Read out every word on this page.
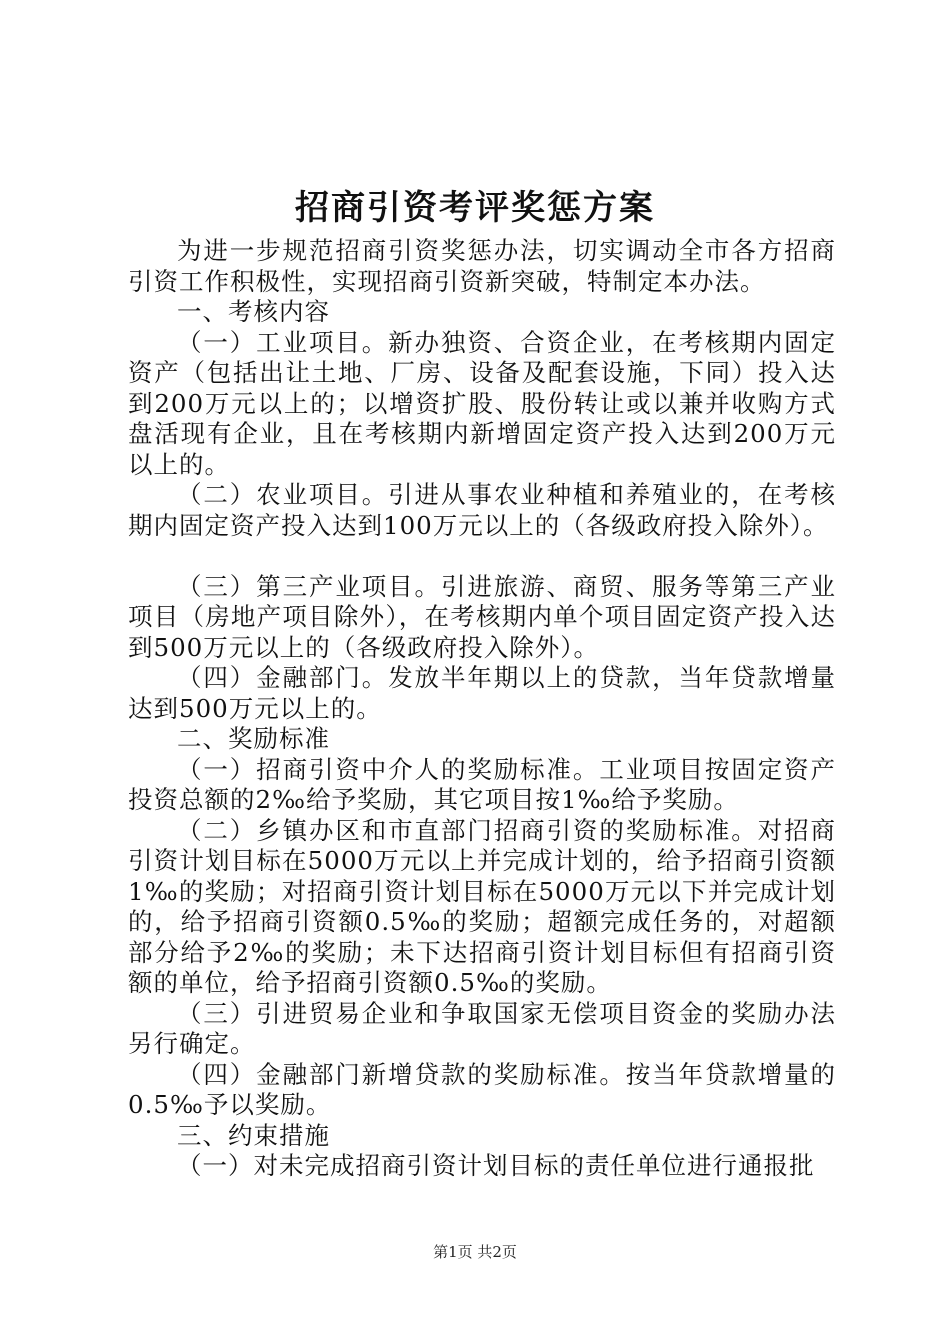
招商引资考评奖惩方案

为进一步规范招商引资奖惩办法，切实调动全市各方招商引资工作积极性，实现招商引资新突破，特制定本办法。

一、考核内容

（一）工业项目。新办独资、合资企业，在考核期内固定资产（包括出让土地、厂房、设备及配套设施，下同）投入达到200万元以上的；以增资扩股、股份转让或以兼并收购方式盘活现有企业，且在考核期内新增固定资产投入达到200万元以上的。

（二）农业项目。引进从事农业种植和养殖业的，在考核期内固定资产投入达到100万元以上的（各级政府投入除外）。

（三）第三产业项目。引进旅游、商贸、服务等第三产业项目（房地产项目除外），在考核期内单个项目固定资产投入达到500万元以上的（各级政府投入除外）。

（四）金融部门。发放半年期以上的贷款，当年贷款增量达到500万元以上的。

二、奖励标准

（一）招商引资中介人的奖励标准。工业项目按固定资产投资总额的2‰给予奖励，其它项目按1‰给予奖励。

（二）乡镇办区和市直部门招商引资的奖励标准。对招商引资计划目标在5000万元以上并完成计划的，给予招商引资额1‰的奖励；对招商引资计划目标在5000万元以下并完成计划的，给予招商引资额0.5‰的奖励；超额完成任务的，对超额部分给予2‰的奖励；未下达招商引资计划目标但有招商引资额的单位，给予招商引资额0.5‰的奖励。

（三）引进贸易企业和争取国家无偿项目资金的奖励办法另行确定。

（四）金融部门新增贷款的奖励标准。按当年贷款增量的0.5‰予以奖励。

三、约束措施

（一）对未完成招商引资计划目标的责任单位进行通报批

第1页 共2页
